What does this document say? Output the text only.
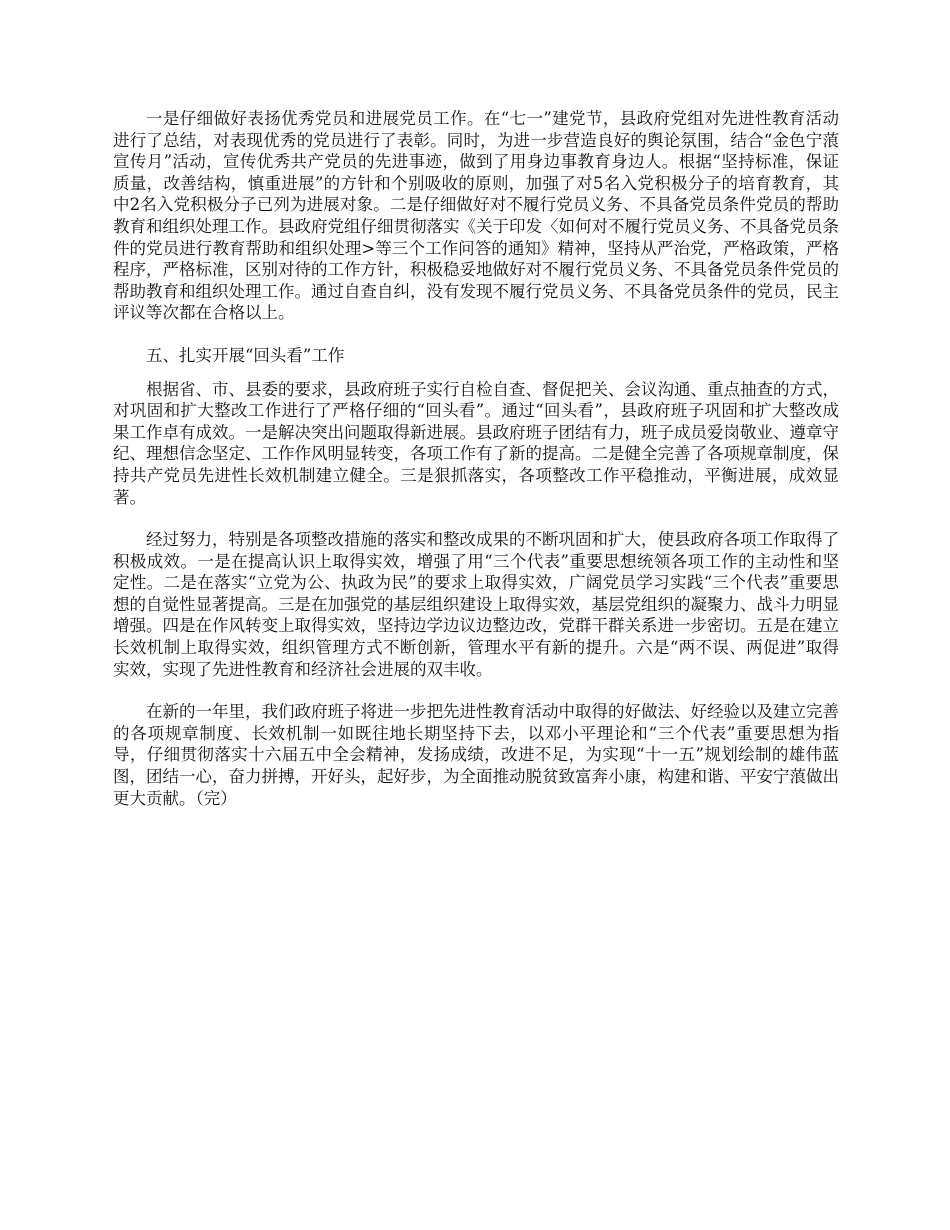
一是仔细做好表扬优秀党员和进展党员工作。在“七一”建党节，县政府党组对先进性教育活动进行了总结，对表现优秀的党员进行了表彰。同时，为进一步营造良好的舆论氛围，结合“金色宁蒗宣传月”活动，宣传优秀共产党员的先进事迹，做到了用身边事教育身边人。根据“坚持标准，保证质量，改善结构，慎重进展”的方针和个别吸收的原则，加强了对5名入党积极分子的培育教育，其中2名入党积极分子已列为进展对象。二是仔细做好对不履行党员义务、不具备党员条件党员的帮助教育和组织处理工作。县政府党组仔细贯彻落实《关于印发〈如何对不履行党员义务、不具备党员条件的党员进行教育帮助和组织处理>等三个工作问答的通知》精神，坚持从严治党，严格政策，严格程序，严格标准，区别对待的工作方针，积极稳妥地做好对不履行党员义务、不具备党员条件党员的帮助教育和组织处理工作。通过自查自纠，没有发现不履行党员义务、不具备党员条件的党员，民主评议等次都在合格以上。

五、扎实开展“回头看”工作

根据省、市、县委的要求，县政府班子实行自检自查、督促把关、会议沟通、重点抽查的方式，对巩固和扩大整改工作进行了严格仔细的“回头看”。通过“回头看”，县政府班子巩固和扩大整改成果工作卓有成效。一是解决突出问题取得新进展。县政府班子团结有力，班子成员爱岗敬业、遵章守纪、理想信念坚定、工作作风明显转变，各项工作有了新的提高。二是健全完善了各项规章制度，保持共产党员先进性长效机制建立健全。三是狠抓落实，各项整改工作平稳推动，平衡进展，成效显著。

经过努力，特别是各项整改措施的落实和整改成果的不断巩固和扩大，使县政府各项工作取得了积极成效。一是在提高认识上取得实效，增强了用“三个代表”重要思想统领各项工作的主动性和坚定性。二是在落实“立党为公、执政为民”的要求上取得实效，广阔党员学习实践“三个代表”重要思想的自觉性显著提高。三是在加强党的基层组织建设上取得实效，基层党组织的凝聚力、战斗力明显增强。四是在作风转变上取得实效，坚持边学边议边整边改，党群干群关系进一步密切。五是在建立长效机制上取得实效，组织管理方式不断创新，管理水平有新的提升。六是“两不误、两促进”取得实效，实现了先进性教育和经济社会进展的双丰收。

在新的一年里，我们政府班子将进一步把先进性教育活动中取得的好做法、好经验以及建立完善的各项规章制度、长效机制一如既往地长期坚持下去，以邓小平理论和“三个代表”重要思想为指导，仔细贯彻落实十六届五中全会精神，发扬成绩，改进不足，为实现“十一五”规划绘制的雄伟蓝图，团结一心，奋力拼搏，开好头，起好步，为全面推动脱贫致富奔小康，构建和谐、平安宁蒗做出更大贡献。（完）
